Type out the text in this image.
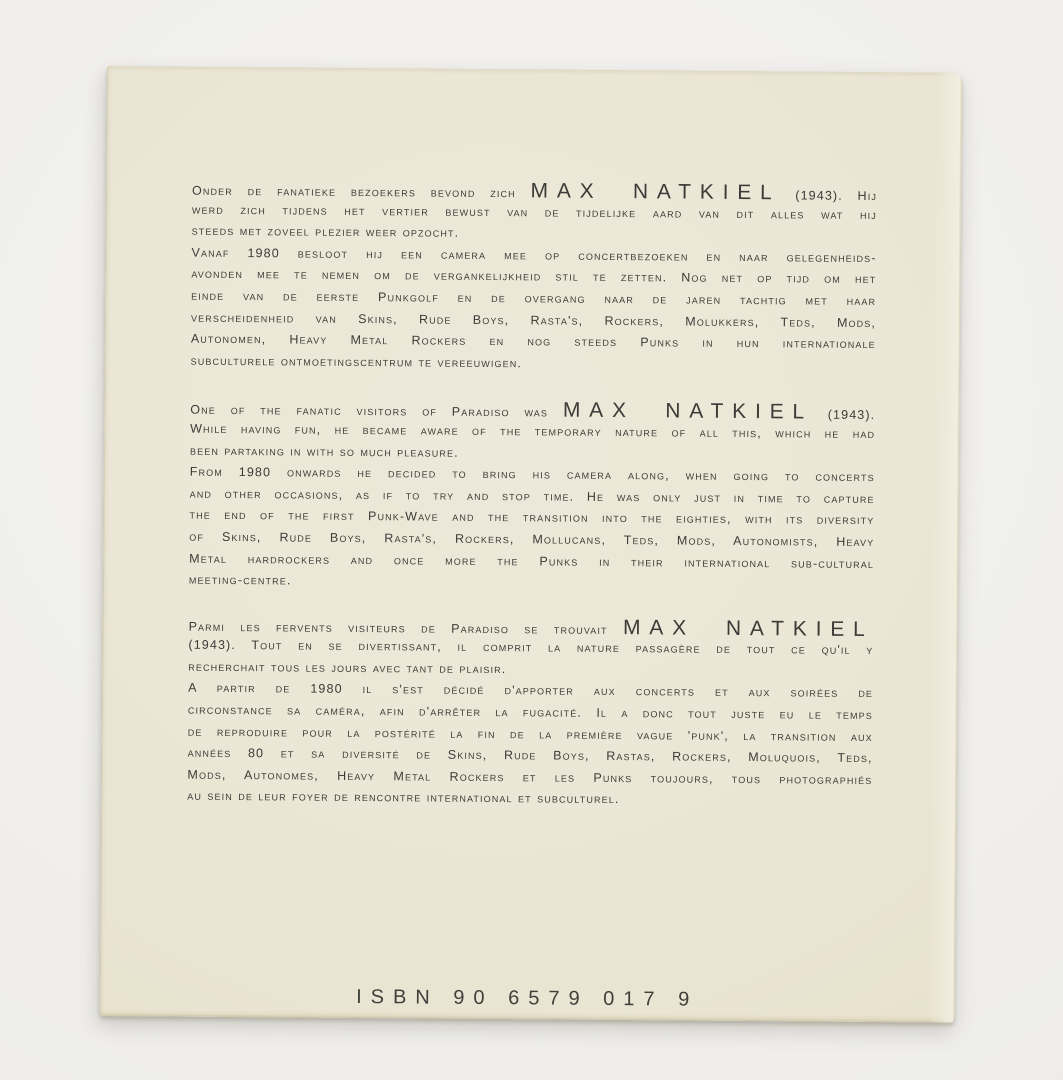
Onder de fanatieke bezoekers bevond zich MAX NATKIEL (1943). Hij
werd zich tijdens het vertier bewust van de tijdelijke aard van dit alles wat hij
steeds met zoveel plezier weer opzocht.
Vanaf 1980 besloot hij een camera mee op concertbezoeken en naar gelegenheids-
avonden mee te nemen om de vergankelijkheid stil te zetten. Nog net op tijd om het
einde van de eerste Punkgolf en de overgang naar de jaren tachtig met haar
verscheidenheid van Skins, Rude Boys, Rasta's, Rockers, Molukkers, Teds, Mods,
Autonomen, Heavy Metal Rockers en nog steeds Punks in hun internationale
subculturele ontmoetingscentrum te vereeuwigen.
One of the fanatic visitors of Paradiso was MAX NATKIEL (1943).
While having fun, he became aware of the temporary nature of all this, which he had
been partaking in with so much pleasure.
From 1980 onwards he decided to bring his camera along, when going to concerts
and other occasions, as if to try and stop time. He was only just in time to capture
the end of the first Punk-Wave and the transition into the eighties, with its diversity
of Skins, Rude Boys, Rasta's, Rockers, Mollucans, Teds, Mods, Autonomists, Heavy
Metal hardrockers and once more the Punks in their international sub-cultural
meeting-centre.
Parmi les fervents visiteurs de Paradiso se trouvait MAX NATKIEL
(1943). Tout en se divertissant, il comprit la nature passagère de tout ce qu'il y
recherchait tous les jours avec tant de plaisir.
A partir de 1980 il s'est décidé d'apporter aux concerts et aux soirées de
circonstance sa caméra, afin d'arrêter la fugacité. Il a donc tout juste eu le temps
de reproduire pour la postérité la fin de la première vague 'punk', la transition aux
années 80 et sa diversité de Skins, Rude Boys, Rastas, Rockers, Moluquois, Teds,
Mods, Autonomes, Heavy Metal Rockers et les Punks toujours, tous photographiés
au sein de leur foyer de rencontre international et subculturel.
ISBN 90 6579 017 9
